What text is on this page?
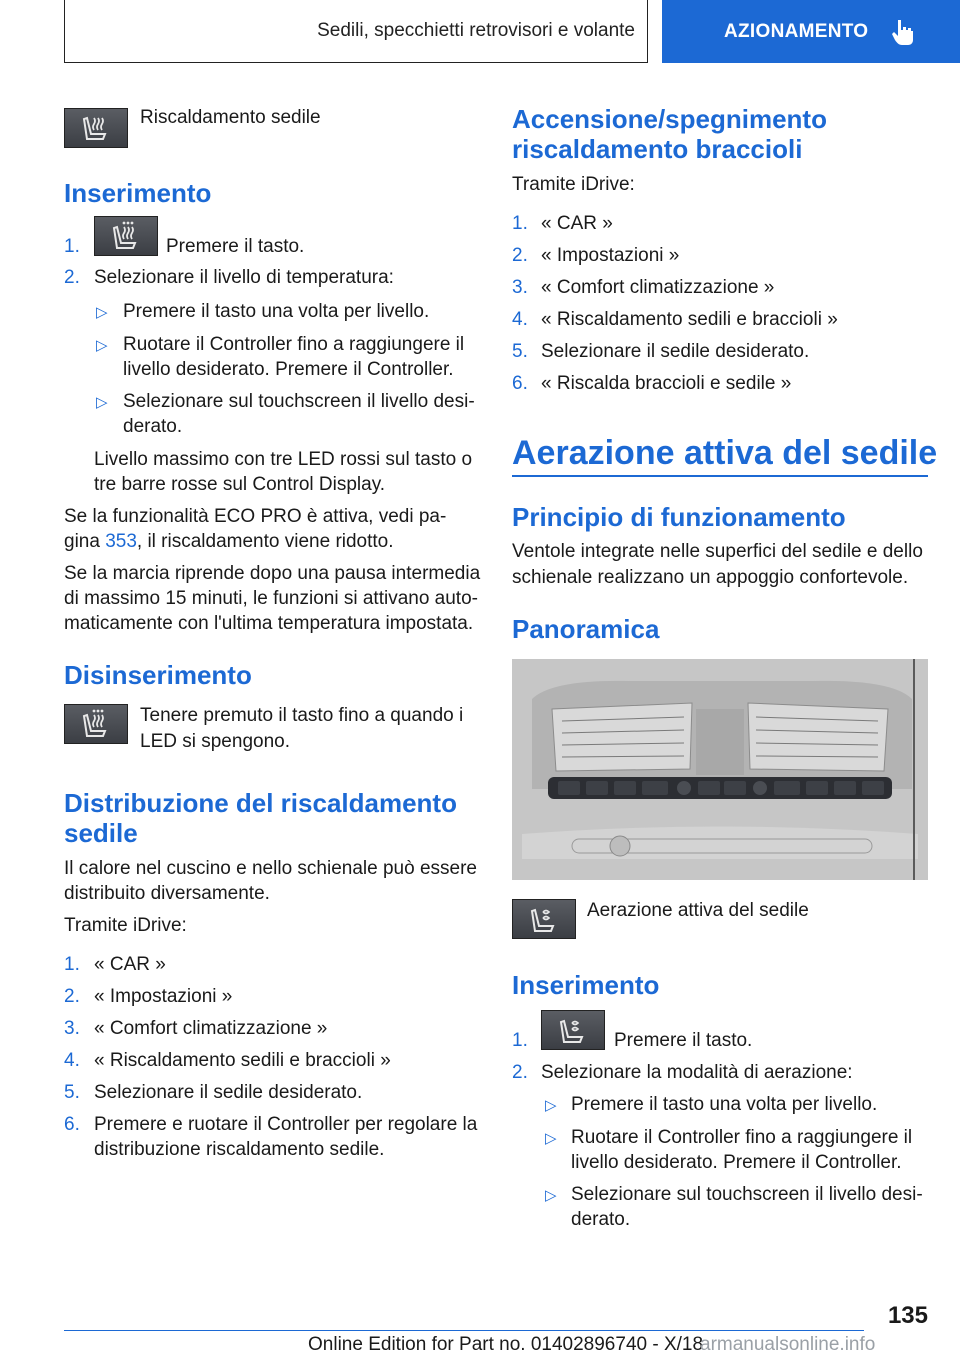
Sedili, specchietti retrovisori e volante	AZIONAMENTO
Riscaldamento sedile
Inserimento
1.	Premere il tasto.
2. Selezionare il livello di temperatura:
▷ Premere il tasto una volta per livello.
▷ Ruotare il Controller fino a raggiungere il
livello desiderato. Premere il Controller.
▷ Selezionare sul touchscreen il livello desi‐
derato.
Livello massimo con tre LED rossi sul tasto o
tre barre rosse sul Control Display.
Se la funzionalità ECO PRO è attiva, vedi pa‐
gina 353, il riscaldamento viene ridotto.
Se la marcia riprende dopo una pausa intermedia
di massimo 15 minuti, le funzioni si attivano auto‐
maticamente con l'ultima temperatura impostata.
Disinserimento
Tenere premuto il tasto fino a quando i
LED si spengono.
Distribuzione del riscaldamento
sedile
Il calore nel cuscino e nello schienale può essere
distribuito diversamente.
Tramite iDrive:
1. « CAR »
2. « Impostazioni »
3. « Comfort climatizzazione »
4. « Riscaldamento sedili e braccioli »
5. Selezionare il sedile desiderato.
6. Premere e ruotare il Controller per regolare la
distribuzione riscaldamento sedile.
Accensione/spegnimento
riscaldamento braccioli
Tramite iDrive:
1. « CAR »
2. « Impostazioni »
3. « Comfort climatizzazione »
4. « Riscaldamento sedili e braccioli »
5. Selezionare il sedile desiderato.
6. « Riscalda braccioli e sedile »
Aerazione attiva del sedile
Principio di funzionamento
Ventole integrate nelle superfici del sedile e dello
schienale realizzano un appoggio confortevole.
Panoramica
Aerazione attiva del sedile
Inserimento
1.	Premere il tasto.
2. Selezionare la modalità di aerazione:
▷ Premere il tasto una volta per livello.
▷ Ruotare il Controller fino a raggiungere il
livello desiderato. Premere il Controller.
▷ Selezionare sul touchscreen il livello desi‐
derato.
135
Online Edition for Part no. 01402896740 - X/18
armanualsonline.info
